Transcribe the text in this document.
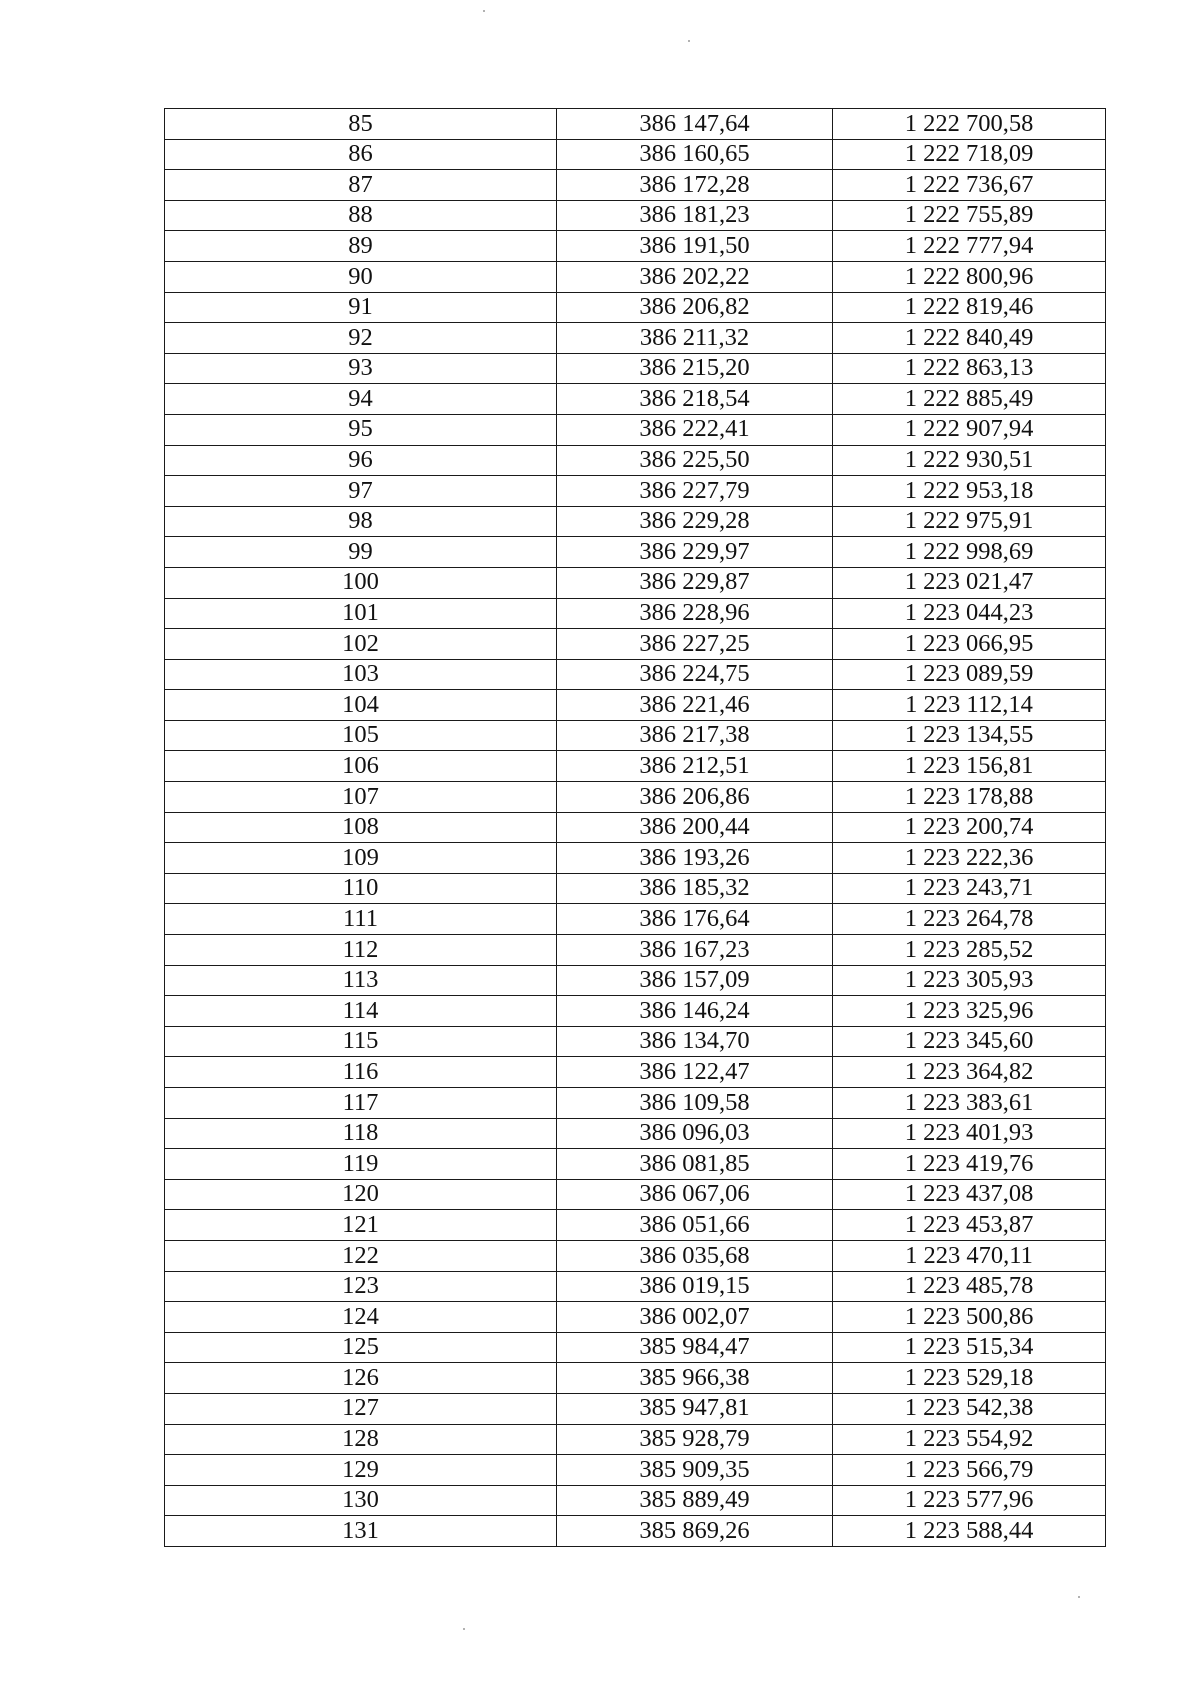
85	386 147,64	1 222 700,58
86	386 160,65	1 222 718,09
87	386 172,28	1 222 736,67
88	386 181,23	1 222 755,89
89	386 191,50	1 222 777,94
90	386 202,22	1 222 800,96
91	386 206,82	1 222 819,46
92	386 211,32	1 222 840,49
93	386 215,20	1 222 863,13
94	386 218,54	1 222 885,49
95	386 222,41	1 222 907,94
96	386 225,50	1 222 930,51
97	386 227,79	1 222 953,18
98	386 229,28	1 222 975,91
99	386 229,97	1 222 998,69
100	386 229,87	1 223 021,47
101	386 228,96	1 223 044,23
102	386 227,25	1 223 066,95
103	386 224,75	1 223 089,59
104	386 221,46	1 223 112,14
105	386 217,38	1 223 134,55
106	386 212,51	1 223 156,81
107	386 206,86	1 223 178,88
108	386 200,44	1 223 200,74
109	386 193,26	1 223 222,36
110	386 185,32	1 223 243,71
111	386 176,64	1 223 264,78
112	386 167,23	1 223 285,52
113	386 157,09	1 223 305,93
114	386 146,24	1 223 325,96
115	386 134,70	1 223 345,60
116	386 122,47	1 223 364,82
117	386 109,58	1 223 383,61
118	386 096,03	1 223 401,93
119	386 081,85	1 223 419,76
120	386 067,06	1 223 437,08
121	386 051,66	1 223 453,87
122	386 035,68	1 223 470,11
123	386 019,15	1 223 485,78
124	386 002,07	1 223 500,86
125	385 984,47	1 223 515,34
126	385 966,38	1 223 529,18
127	385 947,81	1 223 542,38
128	385 928,79	1 223 554,92
129	385 909,35	1 223 566,79
130	385 889,49	1 223 577,96
131	385 869,26	1 223 588,44
